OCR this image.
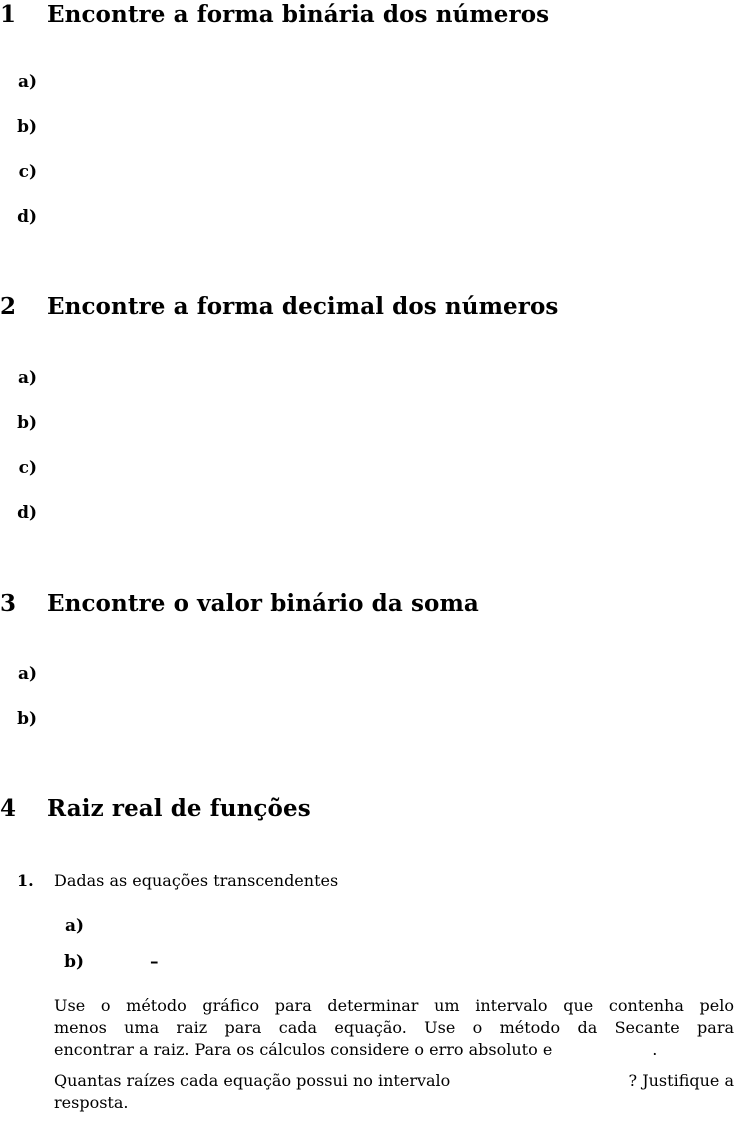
1 Encontre a forma binária dos números
a)
b)
c)
d)
2 Encontre a forma decimal dos números
a)
b)
c)
d)
3 Encontre o valor binário da soma
a)
b)
4 Raiz real de funções
1. Dadas as equações transcendentes
a)
b)	–
Use o método gráfico para determinar um intervalo que contenha pelo
menos uma raiz para cada equação. Use o método da Secante para
encontrar a raiz. Para os cálculos considere o erro absoluto e	.
Quantas raízes cada equação possui no intervalo	? Justifique a
resposta.
